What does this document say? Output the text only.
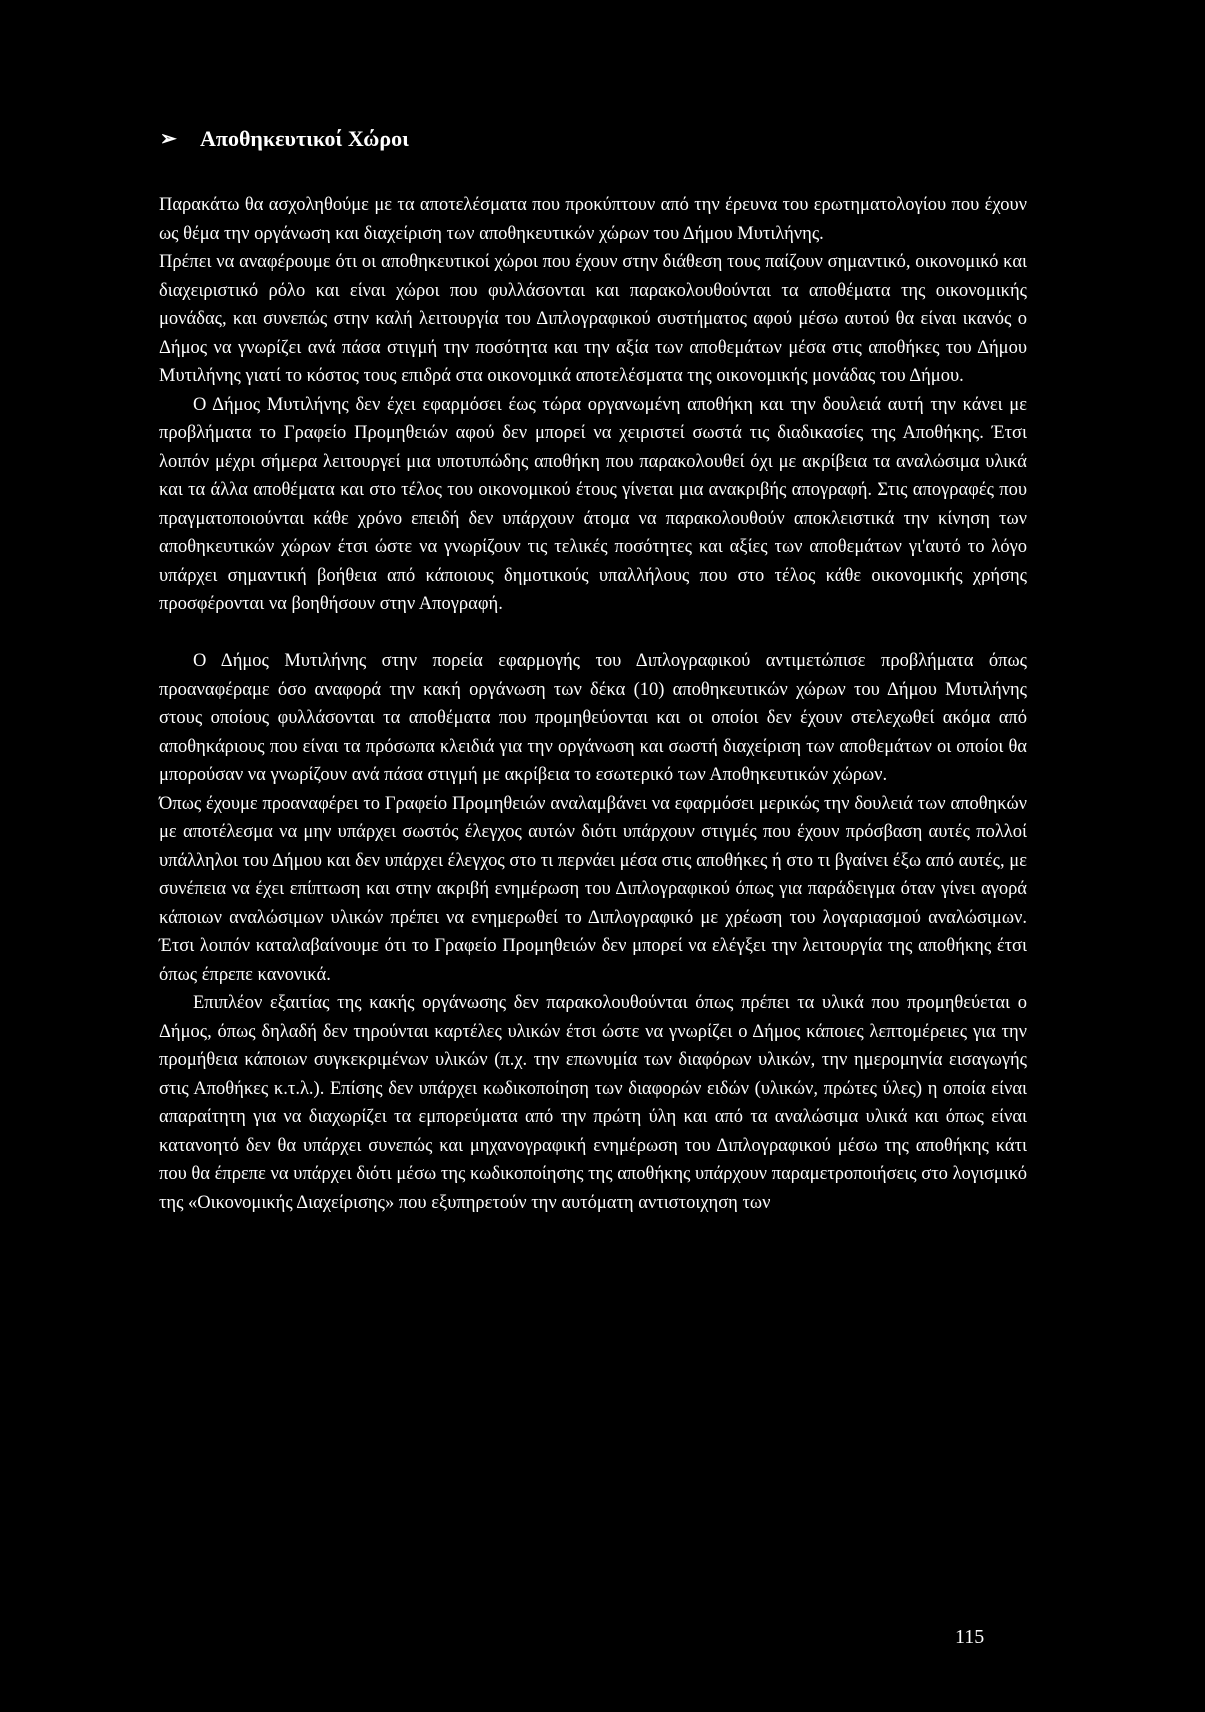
➢ Αποθηκευτικοί Χώροι

Παρακάτω θα ασχοληθούμε με τα αποτελέσματα που προκύπτουν από την έρευνα του ερωτηματολογίου που έχουν ως θέμα την οργάνωση και διαχείριση των αποθηκευτικών χώρων του Δήμου Μυτιλήνης.

Πρέπει να αναφέρουμε ότι οι αποθηκευτικοί χώροι που έχουν στην διάθεση τους παίζουν σημαντικό, οικονομικό και διαχειριστικό ρόλο και είναι χώροι που φυλλάσονται και παρακολουθούνται τα αποθέματα της οικονομικής μονάδας, και συνεπώς στην καλή λειτουργία του Διπλογραφικού συστήματος αφού μέσω αυτού θα είναι ικανός ο Δήμος να γνωρίζει ανά πάσα στιγμή την ποσότητα και την αξία των αποθεμάτων μέσα στις αποθήκες του Δήμου Μυτιλήνης γιατί το κόστος τους επιδρά στα οικονομικά αποτελέσματα της οικονομικής μονάδας του Δήμου.

Ο Δήμος Μυτιλήνης δεν έχει εφαρμόσει έως τώρα οργανωμένη αποθήκη και την δουλειά αυτή την κάνει με προβλήματα το Γραφείο Προμηθειών αφού δεν μπορεί να χειριστεί σωστά τις διαδικασίες της Αποθήκης. Έτσι λοιπόν μέχρι σήμερα λειτουργεί μια υποτυπώδης αποθήκη που παρακολουθεί όχι με ακρίβεια τα αναλώσιμα υλικά και τα άλλα αποθέματα και στο τέλος του οικονομικού έτους γίνεται μια ανακριβής απογραφή. Στις απογραφές που πραγματοποιούνται κάθε χρόνο επειδή δεν υπάρχουν άτομα να παρακολουθούν αποκλειστικά την κίνηση των αποθηκευτικών χώρων έτσι ώστε να γνωρίζουν τις τελικές ποσότητες και αξίες των αποθεμάτων γι'αυτό το λόγο υπάρχει σημαντική βοήθεια από κάποιους δημοτικούς υπαλλήλους που στο τέλος κάθε οικονομικής χρήσης προσφέρονται να βοηθήσουν στην Απογραφή.

Ο Δήμος Μυτιλήνης στην πορεία εφαρμογής του Διπλογραφικού αντιμετώπισε προβλήματα όπως προαναφέραμε όσο αναφορά την κακή οργάνωση των δέκα (10) αποθηκευτικών χώρων του Δήμου Μυτιλήνης στους οποίους φυλλάσονται τα αποθέματα που προμηθεύονται και οι οποίοι δεν έχουν στελεχωθεί ακόμα από αποθηκάριους που είναι τα πρόσωπα κλειδιά για την οργάνωση και σωστή διαχείριση των αποθεμάτων οι οποίοι θα μπορούσαν να γνωρίζουν ανά πάσα στιγμή με ακρίβεια το εσωτερικό των Αποθηκευτικών χώρων.

Όπως έχουμε προαναφέρει το Γραφείο Προμηθειών αναλαμβάνει να εφαρμόσει μερικώς την δουλειά των αποθηκών με αποτέλεσμα να μην υπάρχει σωστός έλεγχος αυτών διότι υπάρχουν στιγμές που έχουν πρόσβαση αυτές πολλοί υπάλληλοι του Δήμου και δεν υπάρχει έλεγχος στο τι περνάει μέσα στις αποθήκες ή στο τι βγαίνει έξω από αυτές, με συνέπεια να έχει επίπτωση και στην ακριβή ενημέρωση του Διπλογραφικού όπως για παράδειγμα όταν γίνει αγορά κάποιων αναλώσιμων υλικών πρέπει να ενημερωθεί το Διπλογραφικό με χρέωση του λογαριασμού αναλώσιμων. Έτσι λοιπόν καταλαβαίνουμε ότι το Γραφείο Προμηθειών δεν μπορεί να ελέγξει την λειτουργία της αποθήκης έτσι όπως έπρεπε κανονικά.

Επιπλέον εξαιτίας της κακής οργάνωσης δεν παρακολουθούνται όπως πρέπει τα υλικά που προμηθεύεται ο Δήμος, όπως δηλαδή δεν τηρούνται καρτέλες υλικών έτσι ώστε να γνωρίζει ο Δήμος κάποιες λεπτομέρειες για την προμήθεια κάποιων συγκεκριμένων υλικών (π.χ. την επωνυμία των διαφόρων υλικών, την ημερομηνία εισαγωγής στις Αποθήκες κ.τ.λ.). Επίσης δεν υπάρχει κωδικοποίηση των διαφορών ειδών (υλικών, πρώτες ύλες) η οποία είναι απαραίτητη για να διαχωρίζει τα εμπορεύματα από την πρώτη ύλη και από τα αναλώσιμα υλικά και όπως είναι κατανοητό δεν θα υπάρχει συνεπώς και μηχανογραφική ενημέρωση του Διπλογραφικού μέσω της αποθήκης κάτι που θα έπρεπε να υπάρχει διότι μέσω της κωδικοποίησης της αποθήκης υπάρχουν παραμετροποιήσεις στο λογισμικό της «Οικονομικής Διαχείρισης» που εξυπηρετούν την αυτόματη αντιστοιχηση των

115
